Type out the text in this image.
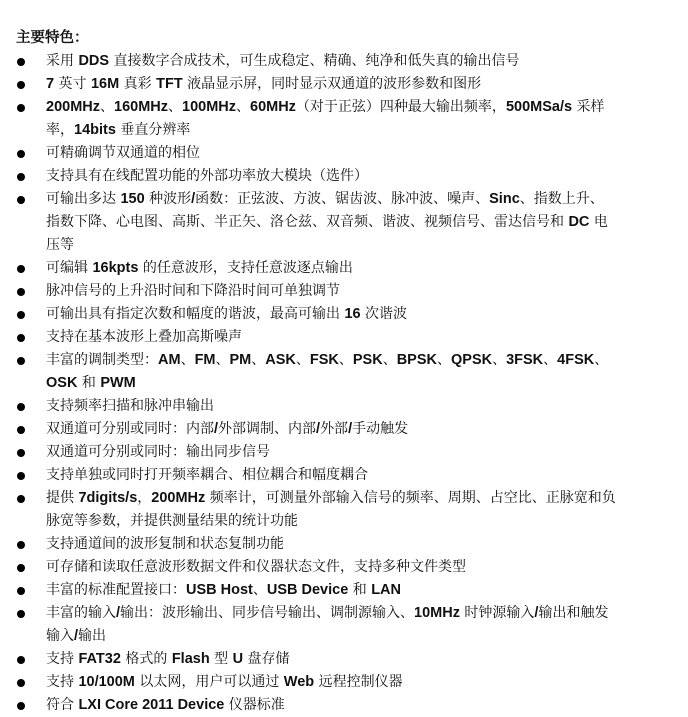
主要特色：
采用 DDS 直接数字合成技术，可生成稳定、精确、纯净和低失真的输出信号
7 英寸 16M 真彩 TFT 液晶显示屏，同时显示双通道的波形参数和图形
200MHz、160MHz、100MHz、60MHz（对于正弦）四种最大输出频率，500MSa/s 采样率，14bits 垂直分辨率
可精确调节双通道的相位
支持具有在线配置功能的外部功率放大模块（选件）
可输出多达 150 种波形/函数：正弦波、方波、锯齿波、脉冲波、噪声、Sinc、指数上升、指数下降、心电图、高斯、半正矢、洛仑兹、双音频、谐波、视频信号、雷达信号和 DC 电压等
可编辑 16kpts 的任意波形，支持任意波逐点输出
脉冲信号的上升沿时间和下降沿时间可单独调节
可输出具有指定次数和幅度的谐波，最高可输出 16 次谐波
支持在基本波形上叠加高斯噪声
丰富的调制类型：AM、FM、PM、ASK、FSK、PSK、BPSK、QPSK、3FSK、4FSK、OSK 和 PWM
支持频率扫描和脉冲串输出
双通道可分别或同时：内部/外部调制、内部/外部/手动触发
双通道可分别或同时：输出同步信号
支持单独或同时打开频率耦合、相位耦合和幅度耦合
提供 7digits/s，200MHz 频率计，可测量外部输入信号的频率、周期、占空比、正脉宽和负脉宽等参数，并提供测量结果的统计功能
支持通道间的波形复制和状态复制功能
可存储和读取任意波形数据文件和仪器状态文件，支持多种文件类型
丰富的标准配置接口：USB Host、USB Device 和 LAN
丰富的输入/输出：波形输出、同步信号输出、调制源输入、10MHz 时钟源输入/输出和触发输入/输出
支持 FAT32 格式的 Flash 型 U 盘存储
支持 10/100M 以太网，用户可以通过 Web 远程控制仪器
符合 LXI Core 2011 Device 仪器标准
